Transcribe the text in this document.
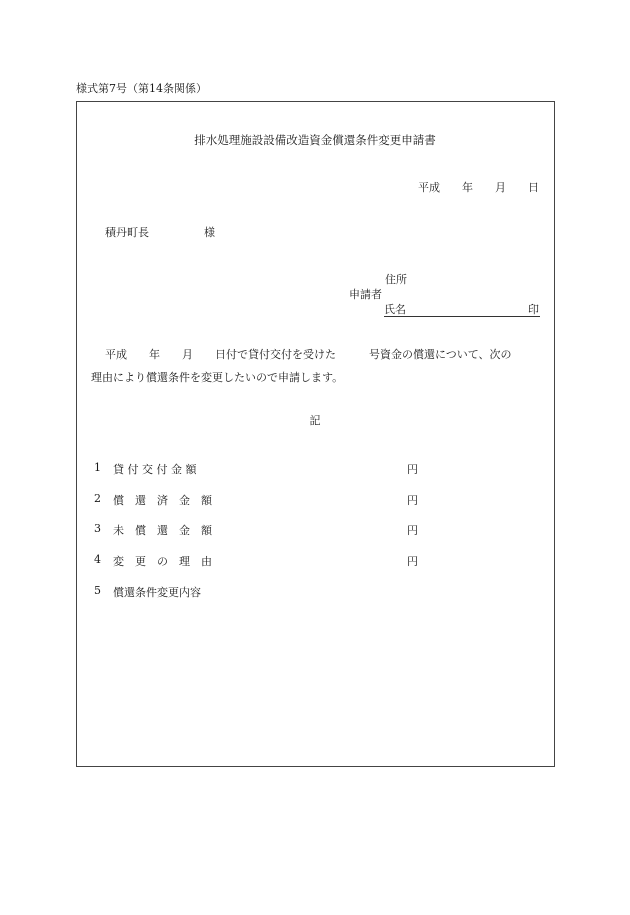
様式第7号（第14条関係）
排水処理施設設備改造資金償還条件変更申請書
平成　　年　　月　　日
積丹町長　　　　　様
住所
申請者
氏名	印
平成　　年　　月　　日付で貸付交付を受けた　　　号資金の償還について、次の
理由により償還条件を変更したいので申請します。
記
1 貸 付 交 付 金 額	円
2 償　還　済　金　額	円
3 未　償　還　金　額	円
4 変　更　の　理　由	円
5 償還条件変更内容
